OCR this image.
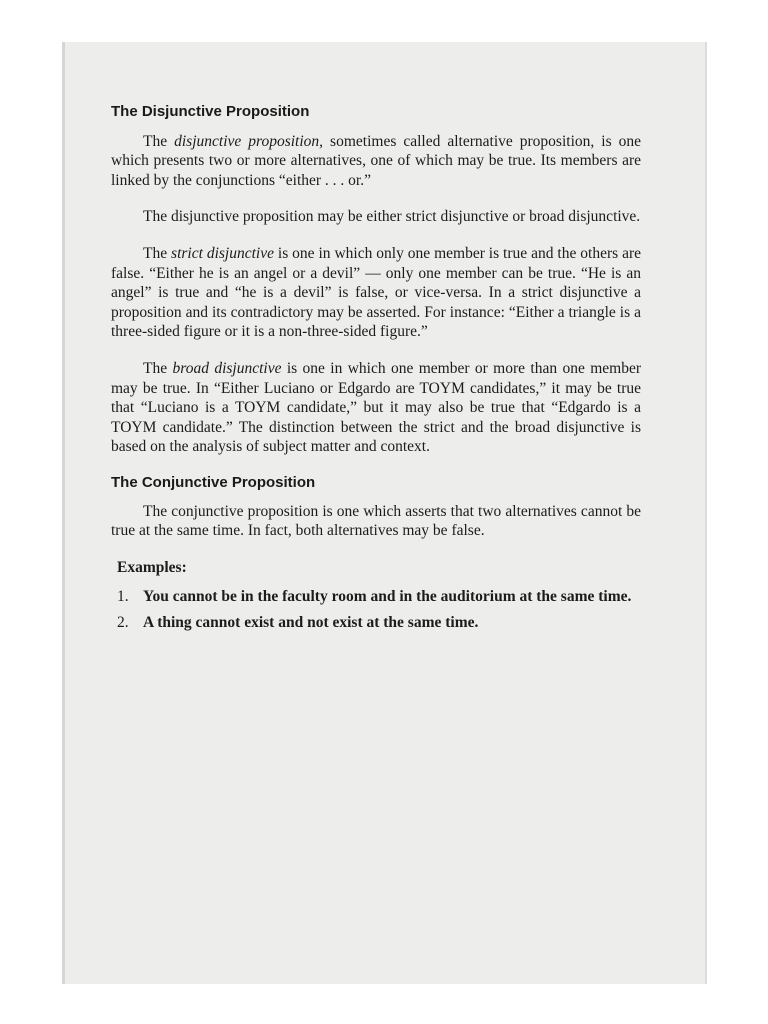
The Disjunctive Proposition

The disjunctive proposition, sometimes called alternative proposition, is one which presents two or more alternatives, one of which may be true. Its members are linked by the conjunctions “either . . . or.”

The disjunctive proposition may be either strict disjunctive or broad disjunctive.

The strict disjunctive is one in which only one member is true and the others are false. “Either he is an angel or a devil” — only one member can be true. “He is an angel” is true and “he is a devil” is false, or vice-versa. In a strict disjunctive a proposition and its contradictory may be asserted. For instance: “Either a triangle is a three-sided figure or it is a non-three-sided figure.”

The broad disjunctive is one in which one member or more than one member may be true. In “Either Luciano or Edgardo are TOYM candidates,” it may be true that “Luciano is a TOYM candidate,” but it may also be true that “Edgardo is a TOYM candidate.” The distinction between the strict and the broad disjunctive is based on the analysis of subject matter and context.

The Conjunctive Proposition

The conjunctive proposition is one which asserts that two alternatives cannot be true at the same time. In fact, both alternatives may be false.

Examples:
1. You cannot be in the faculty room and in the auditorium at the same time.
2. A thing cannot exist and not exist at the same time.
